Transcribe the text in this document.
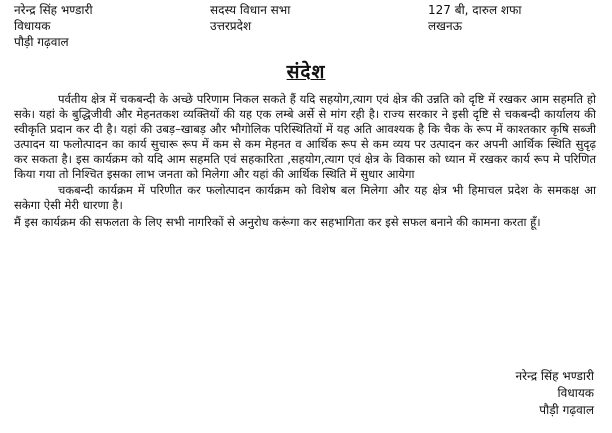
नरेन्द्र सिंह भण्डारी
विधायक
पौड़ी गढ़वाल
सदस्य विधान सभा
उत्तरप्रदेश
127 बी, दारुल शफा
लखनऊ
संदेश

पर्वतीय क्षेत्र में चकबन्दी के अच्छे परिणाम निकल सकते हैं यदि सहयोग,त्याग एवं क्षेत्र की उन्नति को दृष्टि में रखकर आम सहमति हो सके। यहां के बुद्धिजीवी और मेहनतकश व्यक्तियों की यह एक लम्बे अर्से से मांग रही है। राज्य सरकार ने इसी दृष्टि से चकबन्दी कार्यालय की स्वीकृति प्रदान कर दी है। यहां की उबड़–खाबड़ और भौगोलिक परिस्थितियों में यह अति आवश्यक है कि चैक के रूप में काश्तकार कृषि सब्जी उत्पादन या फलोत्पादन का कार्य सुचारू रूप में कम से कम मेहनत व आर्थिक रूप से कम व्यय पर उत्पादन कर अपनी आर्थिक स्थिति सुदृढ़ कर सकता है। इस कार्यक्रम को यदि आम सहमति एवं सहकारिता ,सहयोग,त्याग एवं क्षेत्र के विकास को ध्यान में रखकर कार्य रूप मे परिणित किया गया तो निश्चित इसका लाभ जनता को मिलेगा और यहां की आर्थिक स्थिति में सुधार आयेगा

चकबन्दी कार्यक्रम में परिणीत कर फलोत्पादन कार्यक्रम को विशेष बल मिलेगा और यह क्षेत्र भी हिमाचल प्रदेश के समकक्ष आ सकेगा ऐसी मेरी धारणा है।

मैं इस कार्यक्रम की सफलता के लिए सभी नागरिकों से अनुरोध करूंगा कर सहभागिता कर इसे सफल बनाने की कामना करता हूँ।

नरेन्द्र सिंह भण्डारी
विधायक
पौड़ी गढ़वाल
